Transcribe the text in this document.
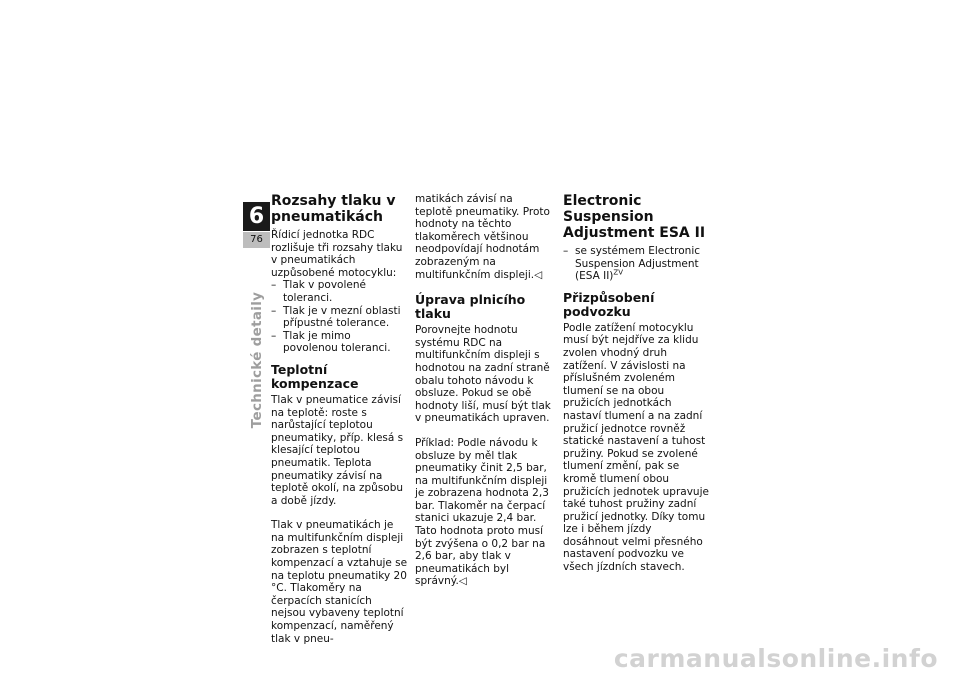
6
76
Technické detaily
Rozsahy tlaku v pneumatikách

Řídicí jednotka RDC rozlišuje tři rozsahy tlaku v pneumatikách uzpůsobené motocyklu:

– Tlak v povolené toleranci.
– Tlak je v mezní oblasti přípustné tolerance.
– Tlak je mimo povolenou toleranci.
Teplotní kompenzace

Tlak v pneumatice závisí na teplotě: roste s narůstající teplotou pneumatiky, příp. klesá s klesající teplotou pneumatik. Teplota pneumatiky závisí na teplotě okolí, na způsobu a době jízdy.

Tlak v pneumatikách je na multifunkčním displeji zobrazen s teplotní kompenzací a vztahuje se na teplotu pneumatiky 20 °C. Tlakoměry na čerpacích stanicích nejsou vybaveny teplotní kompenzací, naměřený tlak v pneu-

matikách závisí na teplotě pneumatiky. Proto hodnoty na těchto tlakoměrech většinou neodpovídají hodnotám zobrazeným na multifunkčním displeji.◁

Úprava plnicího tlaku

Porovnejte hodnotu systému RDC na multifunkčním displeji s hodnotou na zadní straně obalu tohoto návodu k obsluze. Pokud se obě hodnoty liší, musí být tlak v pneumatikách upraven.

Příklad: Podle návodu k obsluze by měl tlak pneumatiky činit 2,5 bar, na multifunkčním displeji je zobrazena hodnota 2,3 bar. Tlakoměr na čerpací stanici ukazuje 2,4 bar. Tato hodnota proto musí být zvýšena o 0,2 bar na 2,6 bar, aby tlak v pneumatikách byl správný.◁

Electronic Suspension Adjustment ESA II
– se systémem Electronic Suspension Adjustment (ESA II)$^{ZV}$
Přizpůsobení podvozku

Podle zatížení motocyklu musí být nejdříve za klidu zvolen vhodný druh zatížení. V závislosti na příslušném zvoleném tlumení se na obou pružicích jednotkách nastaví tlumení a na zadní pružicí jednotce rovněž statické nastavení a tuhost pružiny. Pokud se zvolené tlumení změní, pak se kromě tlumení obou pružicích jednotek upravuje také tuhost pružiny zadní pružicí jednotky. Díky tomu lze i během jízdy dosáhnout velmi přesného nastavení podvozku ve všech jízdních stavech.

carmanualsonline.info
